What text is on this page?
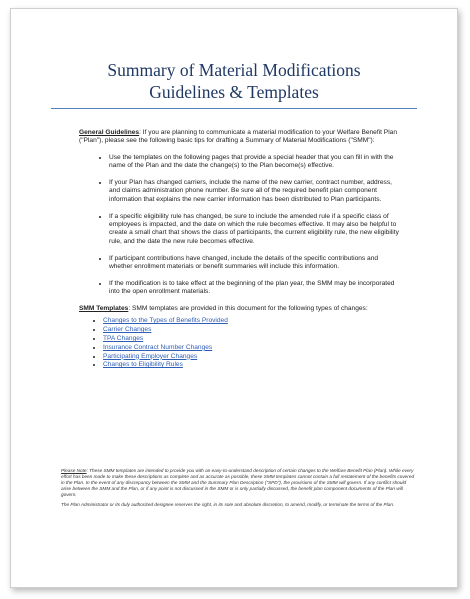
Summary of Material Modifications
Guidelines & Templates

General Guidelines: If you are planning to communicate a material modification to your Welfare Benefit Plan ("Plan"), please see the following basic tips for drafting a Summary of Material Modifications ("SMM"):

• Use the templates on the following pages that provide a special header that you can fill in with the name of the Plan and the date the change(s) to the Plan become(s) effective.
• If your Plan has changed carriers, include the name of the new carrier, contract number, address, and claims administration phone number. Be sure all of the required benefit plan component information that explains the new carrier information has been distributed to Plan participants.
• If a specific eligibility rule has changed, be sure to include the amended rule if a specific class of employees is impacted, and the date on which the rule becomes effective. It may also be helpful to create a small chart that shows the class of participants, the current eligibility rule, the new eligibility rule, and the date the new rule becomes effective.
• If participant contributions have changed, include the details of the specific contributions and whether enrollment materials or benefit summaries will include this information.
• If the modification is to take effect at the beginning of the plan year, the SMM may be incorporated into the open enrollment materials.

SMM Templates: SMM templates are provided in this document for the following types of changes:

• Changes to the Types of Benefits Provided
• Carrier Changes
• TPA Changes
• Insurance Contract Number Changes
• Participating Employer Changes
• Changes to Eligibility Rules

Please Note: These SMM templates are intended to provide you with an easy-to-understand description of certain changes to the Welfare Benefit Plan (Plan). While every effort has been made to make these descriptions as complete and as accurate as possible, these SMM templates cannot contain a full restatement of the benefits covered in the Plan. In the event of any discrepancy between the SMM and the Summary Plan Description ("SPD"), the provisions of the SMM will govern. If any conflict should arise between the SMM and the Plan, or if any point is not discussed in the SMM or is only partially discussed, the benefit plan component documents of the Plan will govern.

The Plan Administrator or its duly authorized designee reserves the right, in its sole and absolute discretion, to amend, modify, or terminate the terms of the Plan.
